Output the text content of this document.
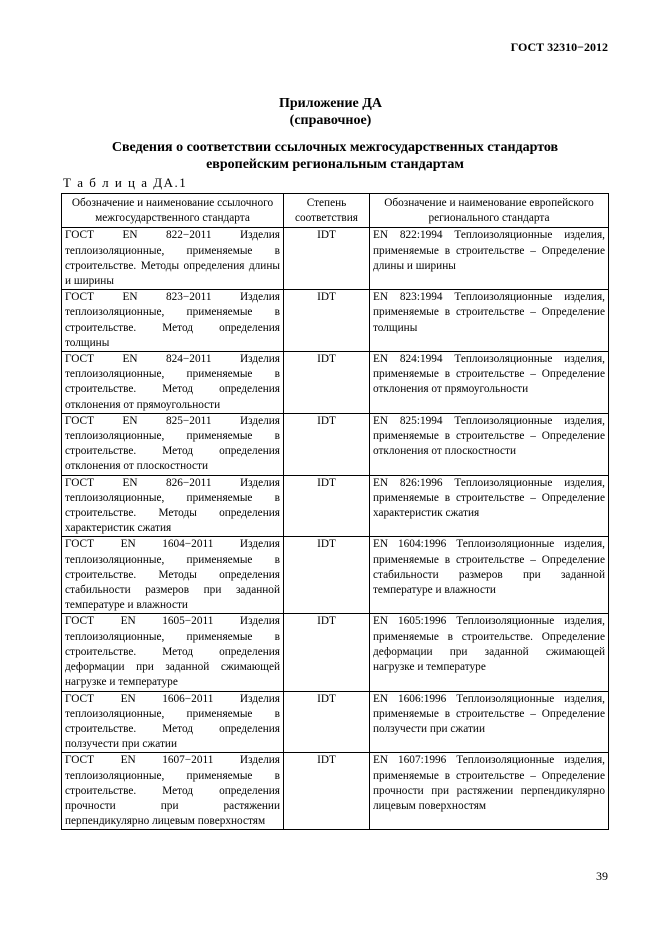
ГОСТ 32310−2012
Приложение ДА
(справочное)
Сведения о соответствии ссылочных межгосударственных стандартов европейским региональным стандартам
Т а б л и ц а ДА.1
Обозначение и наименование ссылочного межгосударственного стандарта	Степень соответствия	Обозначение и наименование европейского регионального стандарта
ГОСТ EN 822−2011 Изделия теплоизоляционные, применяемые в строительстве. Методы определения длины и ширины	IDT	EN 822:1994 Теплоизоляционные изделия, применяемые в строительстве – Определение длины и ширины
ГОСТ EN 823−2011 Изделия теплоизоляционные, применяемые в строительстве. Метод определения толщины	IDT	EN 823:1994 Теплоизоляционные изделия, применяемые в строительстве – Определение толщины
ГОСТ EN 824−2011 Изделия теплоизоляционные, применяемые в строительстве. Метод определения отклонения от прямоугольности	IDT	EN 824:1994 Теплоизоляционные изделия, применяемые в строительстве – Определение отклонения от прямоугольности
ГОСТ EN 825−2011 Изделия теплоизоляционные, применяемые в строительстве. Метод определения отклонения от плоскостности	IDT	EN 825:1994 Теплоизоляционные изделия, применяемые в строительстве – Определение отклонения от плоскостности
ГОСТ EN 826−2011 Изделия теплоизоляционные, применяемые в строительстве. Методы определения характеристик сжатия	IDT	EN 826:1996 Теплоизоляционные изделия, применяемые в строительстве – Определение характеристик сжатия
ГОСТ EN 1604−2011 Изделия теплоизоляционные, применяемые в строительстве. Методы определения стабильности размеров при заданной температуре и влажности	IDT	EN 1604:1996 Теплоизоляционные изделия, применяемые в строительстве – Определение стабильности размеров при заданной температуре и влажности
ГОСТ EN 1605−2011 Изделия теплоизоляционные, применяемые в строительстве. Метод определения деформации при заданной сжимающей нагрузке и температуре	IDT	EN 1605:1996 Теплоизоляционные изделия, применяемые в строительстве. Определение деформации при заданной сжимающей нагрузке и температуре
ГОСТ EN 1606−2011 Изделия теплоизоляционные, применяемые в строительстве. Метод определения ползучести при сжатии	IDT	EN 1606:1996 Теплоизоляционные изделия, применяемые в строительстве – Определение ползучести при сжатии
ГОСТ EN 1607−2011 Изделия теплоизоляционные, применяемые в строительстве. Метод определения прочности при растяжении перпендикулярно лицевым поверхностям	IDT	EN 1607:1996 Теплоизоляционные изделия, применяемые в строительстве – Определение прочности при растяжении перпендикулярно лицевым поверхностям
39
